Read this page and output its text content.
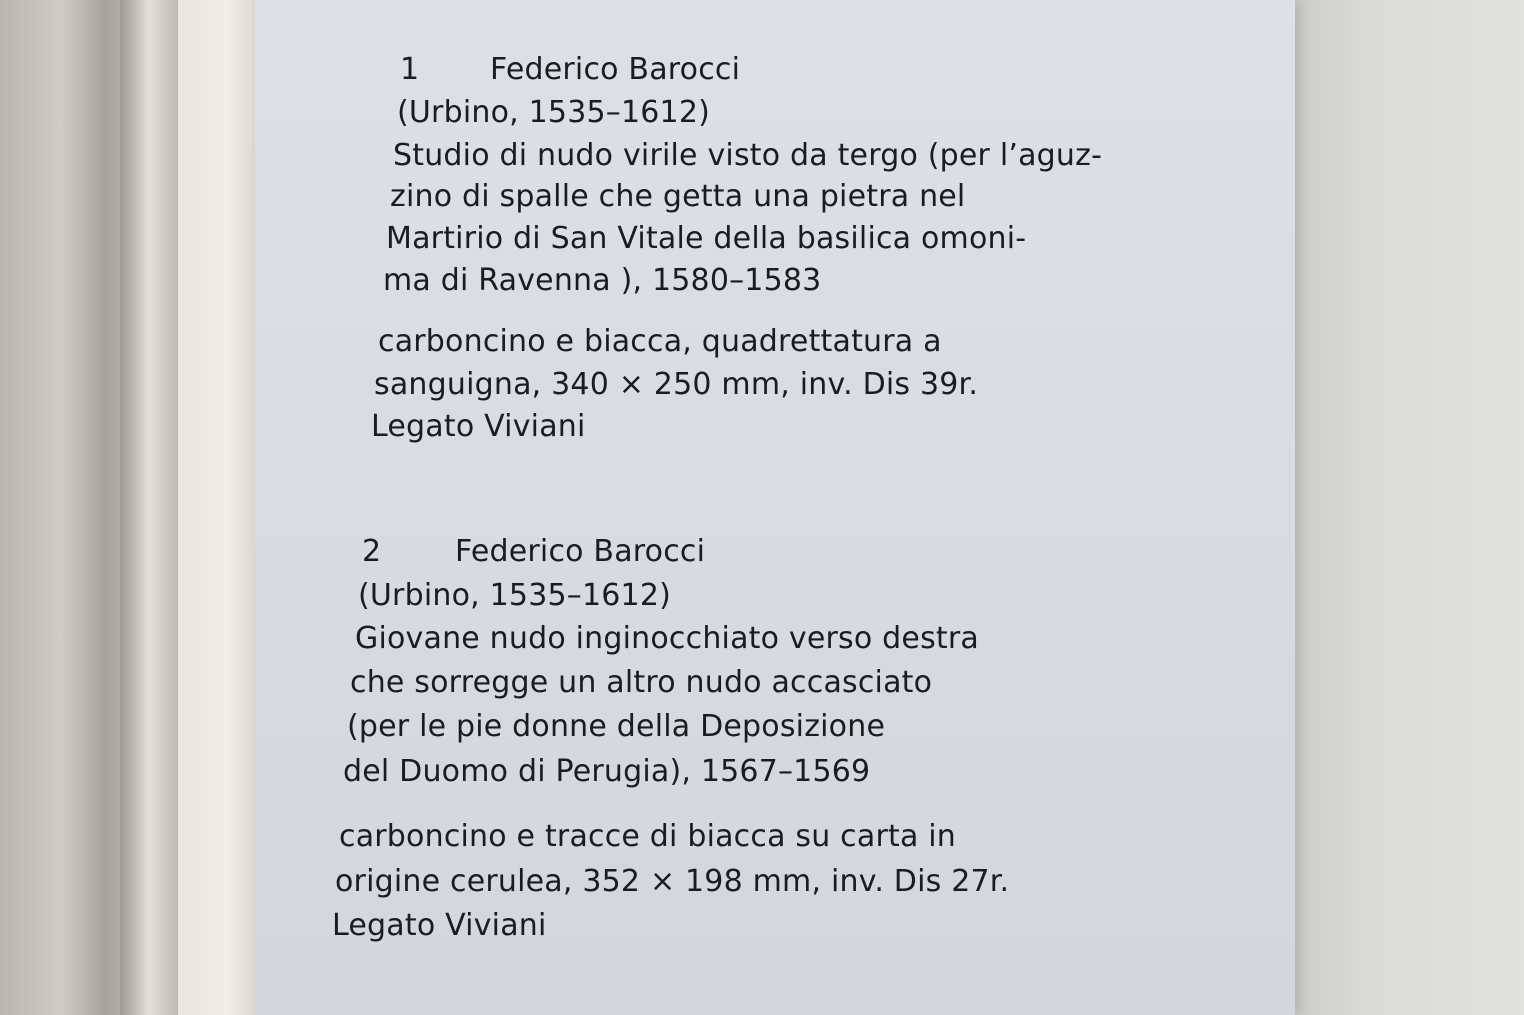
1 Federico Barocci
(Urbino, 1535–1612)
Studio di nudo virile visto da tergo (per l’aguz-
zino di spalle che getta una pietra nel
Martirio di San Vitale della basilica omoni-
ma di Ravenna ), 1580–1583
carboncino e biacca, quadrettatura a
sanguigna, 340 × 250 mm, inv. Dis 39r.
Legato Viviani
2 Federico Barocci
(Urbino, 1535–1612)
Giovane nudo inginocchiato verso destra
che sorregge un altro nudo accasciato
(per le pie donne della Deposizione
del Duomo di Perugia), 1567–1569
carboncino e tracce di biacca su carta in
origine cerulea, 352 × 198 mm, inv. Dis 27r.
Legato Viviani
